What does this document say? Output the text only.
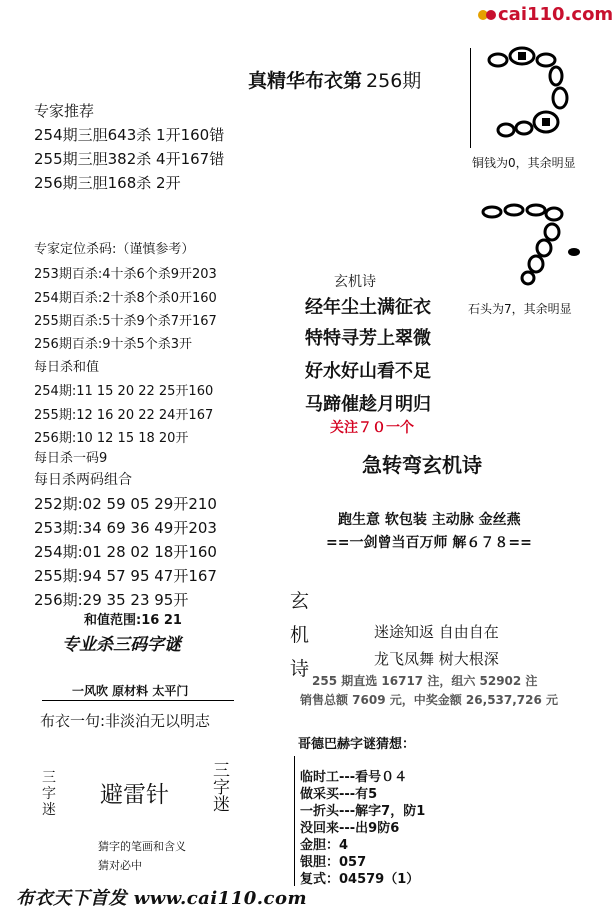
cai110.com
真精华布衣第 256期
专家推荐
254期三胆643杀 1开160错
255期三胆382杀 4开167错
256期三胆168杀 2开
专家定位杀码:（谨慎参考）
253期百杀:4十杀6个杀9开203
254期百杀:2十杀8个杀0开160
255期百杀:5十杀9个杀7开167
256期百杀:9十杀5个杀3开
每日杀和值
254期:11 15 20 22 25开160
255期:12 16 20 22 24开167
256期:10 12 15 18 20开
每日杀一码9
每日杀两码组合
252期:02 59 05 29开210
253期:34 69 36 49开203
254期:01 28 02 18开160
255期:94 57 95 47开167
256期:29 35 23 95开
和值范围:16 21
专业杀三码字谜
一风吹 原材料 太平门
布衣一句:非淡泊无以明志
三字迷
避雷针
三字迷
猜字的笔画和含义
猜对必中
铜钱为0，其余明显
石头为7，其余明显
玄机诗
经年尘土满征衣
特特寻芳上翠微
好水好山看不足
马蹄催趁月明归
关注７０一个
急转弯玄机诗
跑生意 软包装 主动脉 金丝燕
==一剑曾当百万师 解６７８==
玄
机
诗
迷途知返 自由自在
龙飞凤舞 树大根深
255 期直选 16717 注，组六 52902 注
销售总额 7609 元，中奖金额 26,537,726 元
哥德巴赫字谜猜想：
临时工---看号０４
做采买---有5
一折头---解字7，防1
没回来---出9防6
金胆：4
银胆：057
复式：04579（1）
布衣天下首发 www.cai110.com
